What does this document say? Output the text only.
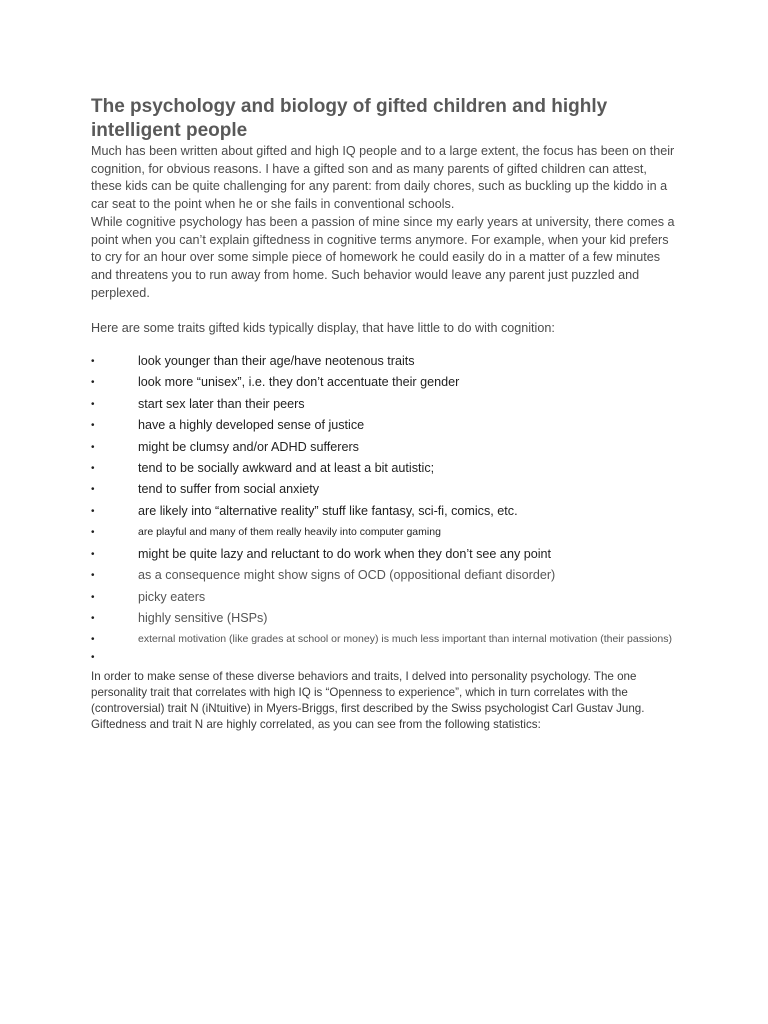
The psychology and biology of gifted children and highly intelligent people

Much has been written about gifted and high IQ people and to a large extent, the focus has been on their cognition, for obvious reasons. I have a gifted son and as many parents of gifted children can attest, these kids can be quite challenging for any parent: from daily chores, such as buckling up the kiddo in a car seat to the point when he or she fails in conventional schools.

While cognitive psychology has been a passion of mine since my early years at university, there comes a point when you can’t explain giftedness in cognitive terms anymore. For example, when your kid prefers to cry for an hour over some simple piece of homework he could easily do in a matter of a few minutes and threatens you to run away from home. Such behavior would leave any parent just puzzled and perplexed.

Here are some traits gifted kids typically display, that have little to do with cognition:

•	look younger than their age/have neotenous traits
•	look more “unisex”, i.e. they don’t accentuate their gender
•	start sex later than their peers
•	have a highly developed sense of justice
•	might be clumsy and/or ADHD sufferers
•	tend to be socially awkward and at least a bit autistic;
•	tend to suffer from social anxiety
•	are likely into “alternative reality” stuff like fantasy, sci-fi, comics, etc.
•	are playful and many of them really heavily into computer gaming
•	might be quite lazy and reluctant to do work when they don’t see any point
•	as a consequence might show signs of OCD (oppositional defiant disorder)
•	picky eaters
•	highly sensitive (HSPs)
•	external motivation (like grades at school or money) is much less important than internal motivation (their passions)
•

In order to make sense of these diverse behaviors and traits, I delved into personality psychology. The one personality trait that correlates with high IQ is “Openness to experience”, which in turn correlates with the (controversial) trait N (iNtuitive) in Myers-Briggs, first described by the Swiss psychologist Carl Gustav Jung.

Giftedness and trait N are highly correlated, as you can see from the following statistics:
